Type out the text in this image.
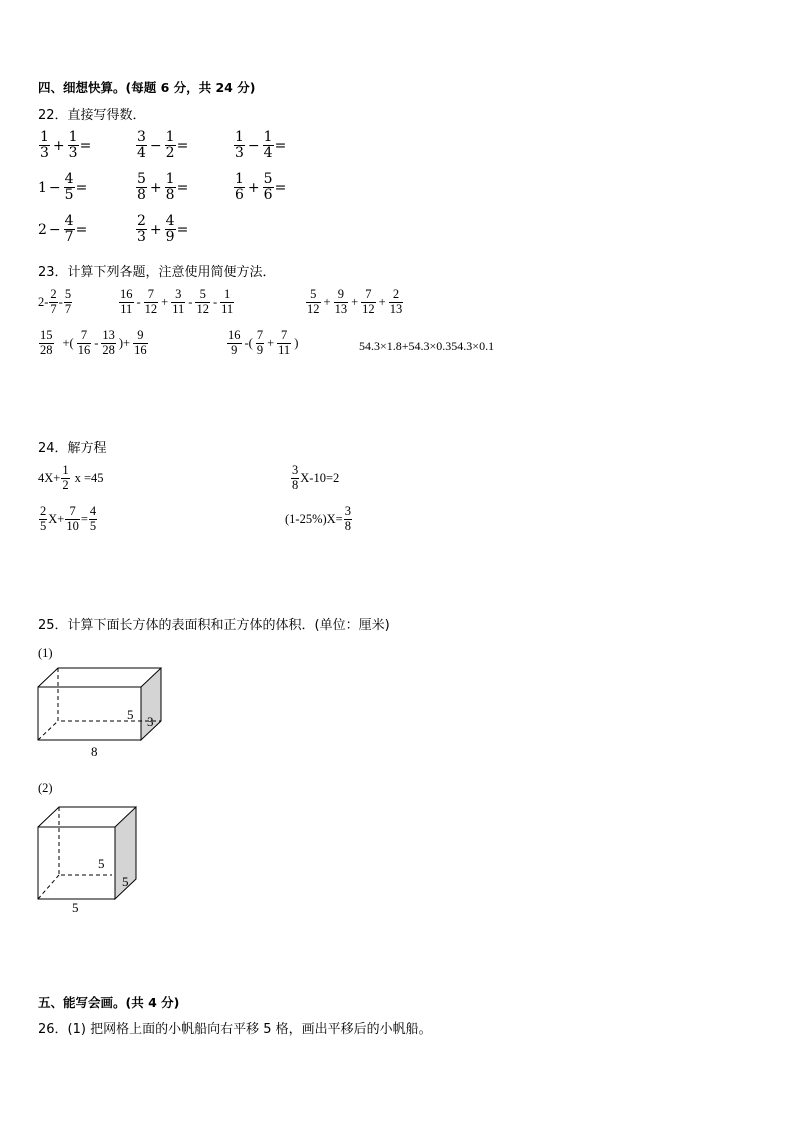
四、细想快算。(每题 6 分，共 24 分)
22．直接写得数．
$\frac{1}{3} + \frac{1}{3}$ =	$\frac{3}{4} - \frac{1}{2}$ =	$\frac{1}{3} - \frac{1}{4}$ =
$1 - \frac{4}{5}$ =	$\frac{5}{8} + \frac{1}{8}$ =	$\frac{1}{6} + \frac{5}{6}$ =
$2 - \frac{4}{7}$ =	$\frac{2}{3} + \frac{4}{9}$ =
23．计算下列各题，注意使用简便方法．
$2- \frac{2}{7} - \frac{5}{7}$	$\frac{16}{11} - \frac{7}{12} + \frac{3}{11} - \frac{5}{12} - \frac{1}{11}$	$\frac{5}{12} + \frac{9}{13} + \frac{7}{12} + \frac{2}{13}$
$\frac{15}{28}$ +( $\frac{7}{16} - \frac{13}{28}$ )+ $\frac{9}{16}$	$\frac{16}{9}$ -( $\frac{7}{9} + \frac{7}{11}$ )	54.3×1.8+54.3×0.354.3×0.1
24．解方程
$4X+ \frac{1}{2}$ x =45	$\frac{3}{8} X-10=2$
$\frac{2}{5} X+ \frac{7}{10} = \frac{4}{5}$	$(1-25\%)X= \frac{3}{8}$
25．计算下面长方体的表面积和正方体的体积．(单位：厘米)
(1)
5 3
8
(2)
5
5
5
五、能写会画。(共 4 分)
26．(1) 把网格上面的小帆船向右平移 5 格，画出平移后的小帆船。
